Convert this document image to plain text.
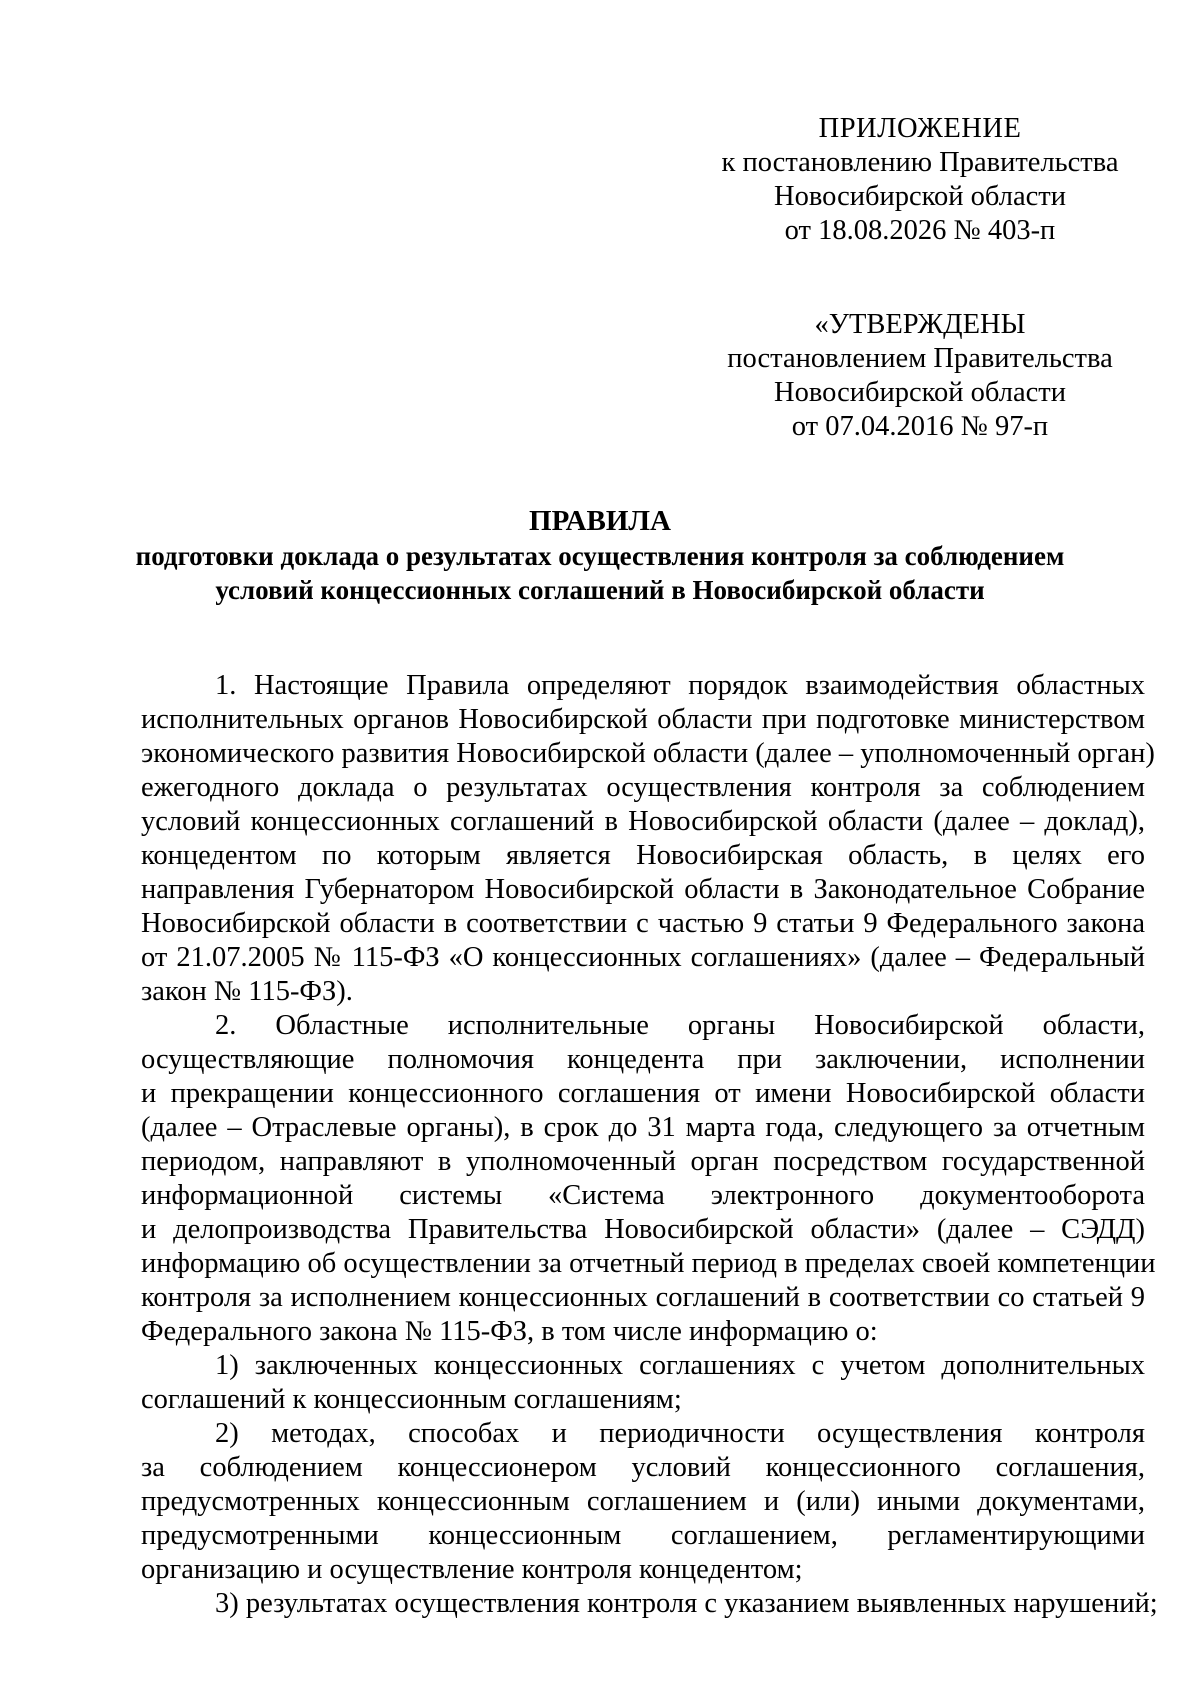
ПРИЛОЖЕНИЕ
к постановлению Правительства
Новосибирской области
от 18.08.2026 № 403-п
«УТВЕРЖДЕНЫ
постановлением Правительства
Новосибирской области
от 07.04.2016 № 97-п
ПРАВИЛА
подготовки доклада о результатах осуществления контроля за соблюдением
условий концессионных соглашений в Новосибирской области
1. Настоящие Правила определяют порядок взаимодействия областных
исполнительных органов Новосибирской области при подготовке министерством
экономического развития Новосибирской области (далее – уполномоченный орган)
ежегодного доклада о результатах осуществления контроля за соблюдением
условий концессионных соглашений в Новосибирской области (далее – доклад),
концедентом по которым является Новосибирская область, в целях его
направления Губернатором Новосибирской области в Законодательное Собрание
Новосибирской области в соответствии с частью 9 статьи 9 Федерального закона
от 21.07.2005 № 115-ФЗ «О концессионных соглашениях» (далее – Федеральный
закон № 115-ФЗ).
2. Областные исполнительные органы Новосибирской области,
осуществляющие полномочия концедента при заключении, исполнении
и прекращении концессионного соглашения от имени Новосибирской области
(далее – Отраслевые органы), в срок до 31 марта года, следующего за отчетным
периодом, направляют в уполномоченный орган посредством государственной
информационной системы «Система электронного документооборота
и делопроизводства Правительства Новосибирской области» (далее – СЭДД)
информацию об осуществлении за отчетный период в пределах своей компетенции
контроля за исполнением концессионных соглашений в соответствии со статьей 9
Федерального закона № 115-ФЗ, в том числе информацию о:
1) заключенных концессионных соглашениях с учетом дополнительных
соглашений к концессионным соглашениям;
2) методах, способах и периодичности осуществления контроля
за соблюдением концессионером условий концессионного соглашения,
предусмотренных концессионным соглашением и (или) иными документами,
предусмотренными концессионным соглашением, регламентирующими
организацию и осуществление контроля концедентом;
3) результатах осуществления контроля с указанием выявленных нарушений;
